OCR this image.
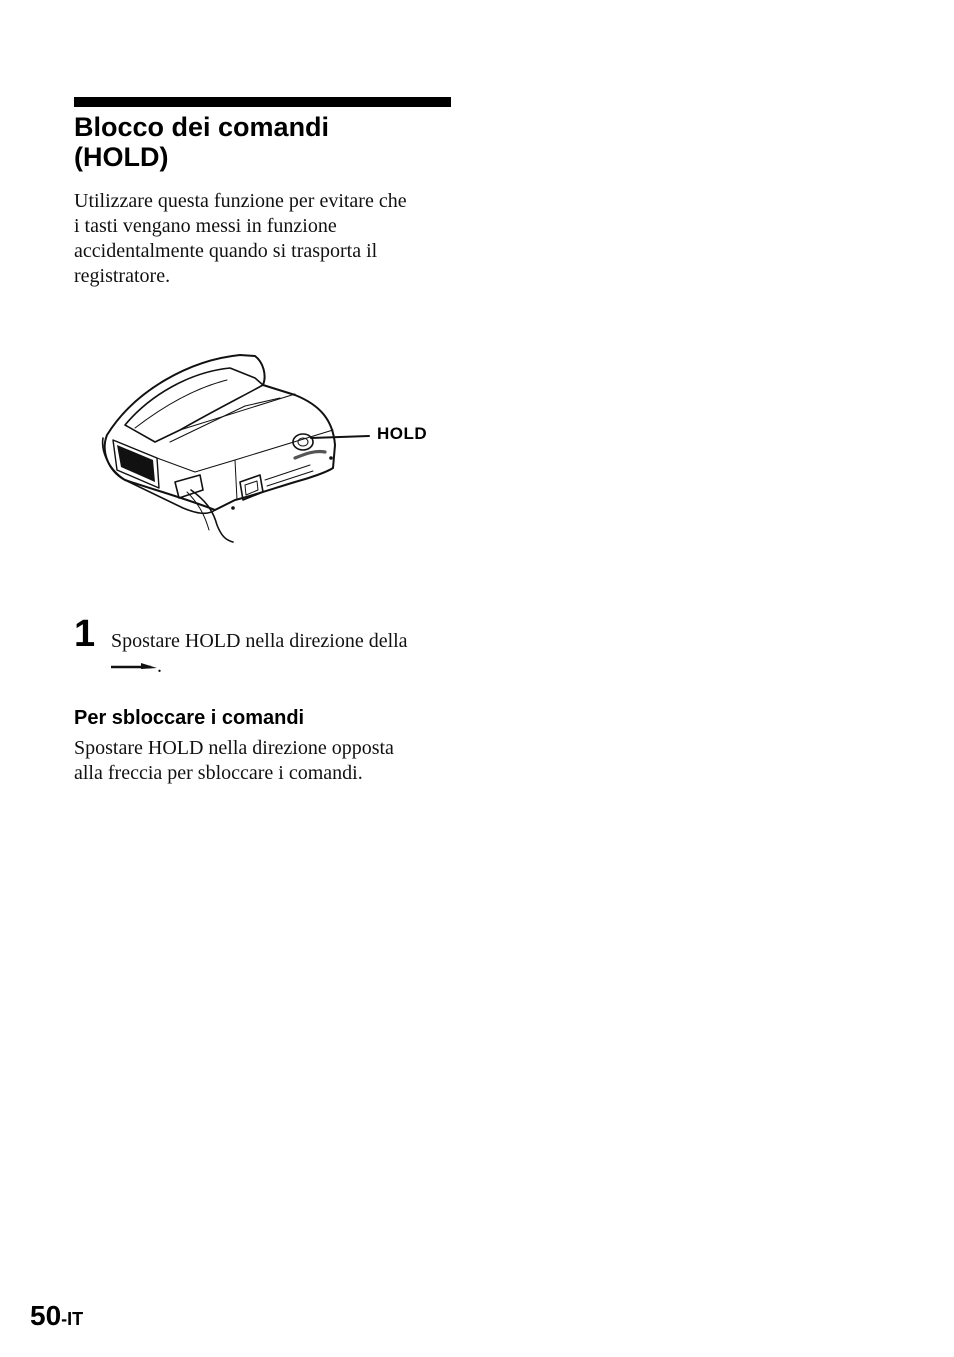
Blocco dei comandi
(HOLD)

Utilizzare questa funzione per evitare che
i tasti vengano messi in funzione
accidentalmente quando si trasporta il
registratore.

HOLD
1 Spostare HOLD nella direzione della
.
Per sbloccare i comandi

Spostare HOLD nella direzione opposta
alla freccia per sbloccare i comandi.

50-IT
